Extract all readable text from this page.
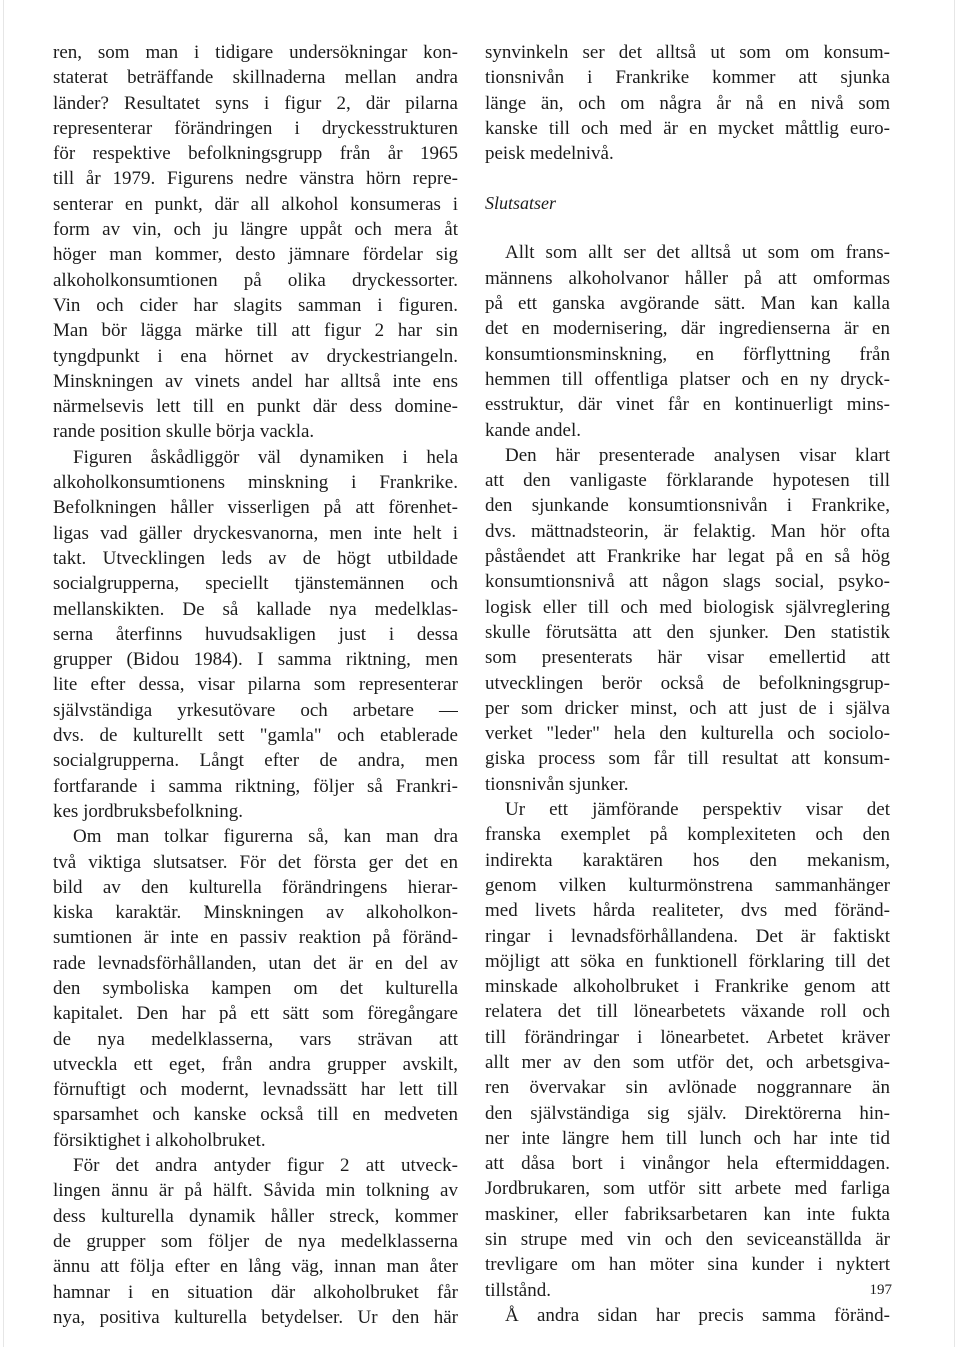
ren, som man i tidigare undersökningar kon-
staterat beträffande skillnaderna mellan andra
länder? Resultatet syns i figur 2, där pilarna
representerar förändringen i dryckesstrukturen
för respektive befolkningsgrupp från år 1965
till år 1979. Figurens nedre vänstra hörn repre-
senterar en punkt, där all alkohol konsumeras i
form av vin, och ju längre uppåt och mera åt
höger man kommer, desto jämnare fördelar sig
alkoholkonsumtionen på olika dryckessorter.
Vin och cider har slagits samman i figuren.
Man bör lägga märke till att figur 2 har sin
tyngdpunkt i ena hörnet av dryckestriangeln.
Minskningen av vinets andel har alltså inte ens
närmelsevis lett till en punkt där dess domine-
rande position skulle börja vackla.
Figuren åskådliggör väl dynamiken i hela
alkoholkonsumtionens minskning i Frankrike.
Befolkningen håller visserligen på att förenhet-
ligas vad gäller dryckesvanorna, men inte helt i
takt. Utvecklingen leds av de högt utbildade
socialgrupperna, speciellt tjänstemännen och
mellanskikten. De så kallade nya medelklas-
serna återfinns huvudsakligen just i dessa
grupper (Bidou 1984). I samma riktning, men
lite efter dessa, visar pilarna som representerar
självständiga yrkesutövare och arbetare —
dvs. de kulturellt sett "gamla" och etablerade
socialgrupperna. Långt efter de andra, men
fortfarande i samma riktning, följer så Frankri-
kes jordbruksbefolkning.
Om man tolkar figurerna så, kan man dra
två viktiga slutsatser. För det första ger det en
bild av den kulturella förändringens hierar-
kiska karaktär. Minskningen av alkoholkon-
sumtionen är inte en passiv reaktion på föränd-
rade levnadsförhållanden, utan det är en del av
den symboliska kampen om det kulturella
kapitalet. Den har på ett sätt som föregångare
de nya medelklasserna, vars strävan att
utveckla ett eget, från andra grupper avskilt,
förnuftigt och modernt, levnadssätt har lett till
sparsamhet och kanske också till en medveten
försiktighet i alkoholbruket.
För det andra antyder figur 2 att utveck-
lingen ännu är på hälft. Såvida min tolkning av
dess kulturella dynamik håller streck, kommer
de grupper som följer de nya medelklasserna
ännu att följa efter en lång väg, innan man åter
hamnar i en situation där alkoholbruket får
nya, positiva kulturella betydelser. Ur den här
synvinkeln ser det alltså ut som om konsum-
tionsnivån i Frankrike kommer att sjunka
länge än, och om några år nå en nivå som
kanske till och med är en mycket måttlig euro-
peisk medelnivå.
Slutsatser
Allt som allt ser det alltså ut som om frans-
männens alkoholvanor håller på att omformas
på ett ganska avgörande sätt. Man kan kalla
det en modernisering, där ingredienserna är en
konsumtionsminskning, en förflyttning från
hemmen till offentliga platser och en ny dryck-
esstruktur, där vinet får en kontinuerligt mins-
kande andel.
Den här presenterade analysen visar klart
att den vanligaste förklarande hypotesen till
den sjunkande konsumtionsnivån i Frankrike,
dvs. mättnadsteorin, är felaktig. Man hör ofta
påståendet att Frankrike har legat på en så hög
konsumtionsnivå att någon slags social, psyko-
logisk eller till och med biologisk självreglering
skulle förutsätta att den sjunker. Den statistik
som presenterats här visar emellertid att
utvecklingen berör också de befolkningsgrup-
per som dricker minst, och att just de i själva
verket "leder" hela den kulturella och sociolo-
giska process som får till resultat att konsum-
tionsnivån sjunker.
Ur ett jämförande perspektiv visar det
franska exemplet på komplexiteten och den
indirekta karaktären hos den mekanism,
genom vilken kulturmönstrena sammanhänger
med livets hårda realiteter, dvs med föränd-
ringar i levnadsförhållandena. Det är faktiskt
möjligt att söka en funktionell förklaring till det
minskade alkoholbruket i Frankrike genom att
relatera det till lönearbetets växande roll och
till förändringar i lönearbetet. Arbetet kräver
allt mer av den som utför det, och arbetsgiva-
ren övervakar sin avlönade noggrannare än
den självständiga sig själv. Direktörerna hin-
ner inte längre hem till lunch och har inte tid
att dåsa bort i vinångor hela eftermiddagen.
Jordbrukaren, som utför sitt arbete med farliga
maskiner, eller fabriksarbetaren kan inte fukta
sin strupe med vin och den seviceanställda är
trevligare om han möter sina kunder i nyktert
tillstånd.
Å andra sidan har precis samma föränd-
197
